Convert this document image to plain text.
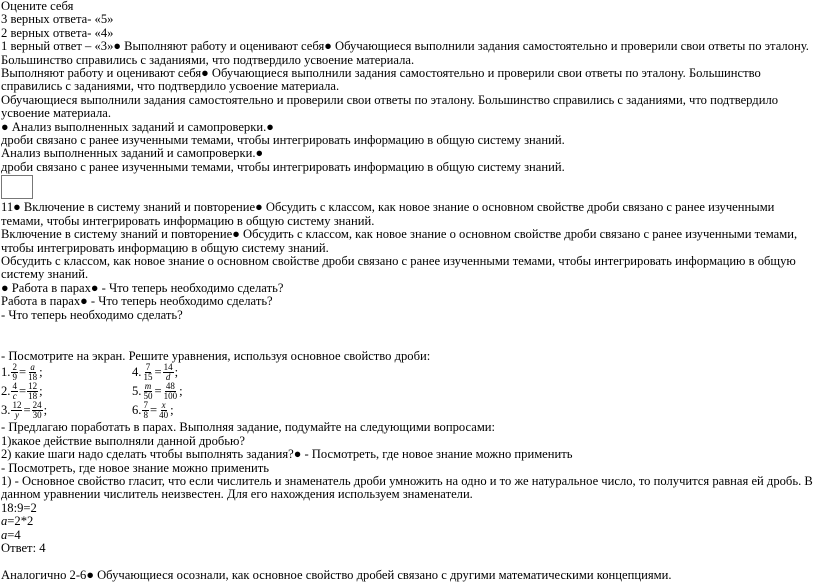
Оцените себя
3 верных ответа- «5»
2 верных ответа- «4»
1 верный ответ – «3»● Выполняют работу и оценивают себя● Обучающиеся выполнили задания самостоятельно и проверили свои ответы по эталону. Большинство справились с заданиями, что подтвердило усвоение материала.
Выполняют работу и оценивают себя● Обучающиеся выполнили задания самостоятельно и проверили свои ответы по эталону. Большинство справились с заданиями, что подтвердило усвоение материала.
Обучающиеся выполнили задания самостоятельно и проверили свои ответы по эталону. Большинство справились с заданиями, что подтвердило усвоение материала.
● Анализ выполненных заданий и самопроверки.●
дроби связано с ранее изученными темами, чтобы интегрировать информацию в общую систему знаний.
Анализ выполненных заданий и самопроверки.●
дроби связано с ранее изученными темами, чтобы интегрировать информацию в общую систему знаний.
11● Включение в систему знаний и повторение● Обсудить с классом, как новое знание о основном свойстве дроби связано с ранее изученными темами, чтобы интегрировать информацию в общую систему знаний.
Включение в систему знаний и повторение● Обсудить с классом, как новое знание о основном свойстве дроби связано с ранее изученными темами, чтобы интегрировать информацию в общую систему знаний.
Обсудить с классом, как новое знание о основном свойстве дроби связано с ранее изученными темами, чтобы интегрировать информацию в общую систему знаний.
● Работа в парах● - Что теперь необходимо сделать?
Работа в парах● - Что теперь необходимо сделать?
- Что теперь необходимо сделать?
- Посмотрите на экран. Решите уравнения, используя основное свойство дроби:
1. $\frac{2}{9} = \frac{a}{18}$ ;
2. $\frac{4}{c} = \frac{12}{18}$ ;
3. $\frac{12}{y} = \frac{24}{30}$ ;
4. $\frac{7}{15} = \frac{14}{d}$ ;
5. $\frac{m}{50} = \frac{48}{100}$ ;
6. $\frac{7}{8} = \frac{x}{40}$ ;
- Предлагаю поработать в парах. Выполняя задание, подумайте на следующими вопросами:
1)какое действие выполняли данной дробью?
2) какие шаги надо сделать чтобы выполнять задания?● - Посмотреть, где новое знание можно применить
- Посмотреть, где новое знание можно применить
1) - Основное свойство гласит, что если числитель и знаменатель дроби умножить на одно и то же натуральное число, то получится равная ей дробь. В данном уравнении числитель неизвестен. Для его нахождения используем знаменатели.
18:9=2
a=2*2
a=4
Ответ: 4
Аналогично 2-6● Обучающиеся осознали, как основное свойство дробей связано с другими математическими концепциями.
